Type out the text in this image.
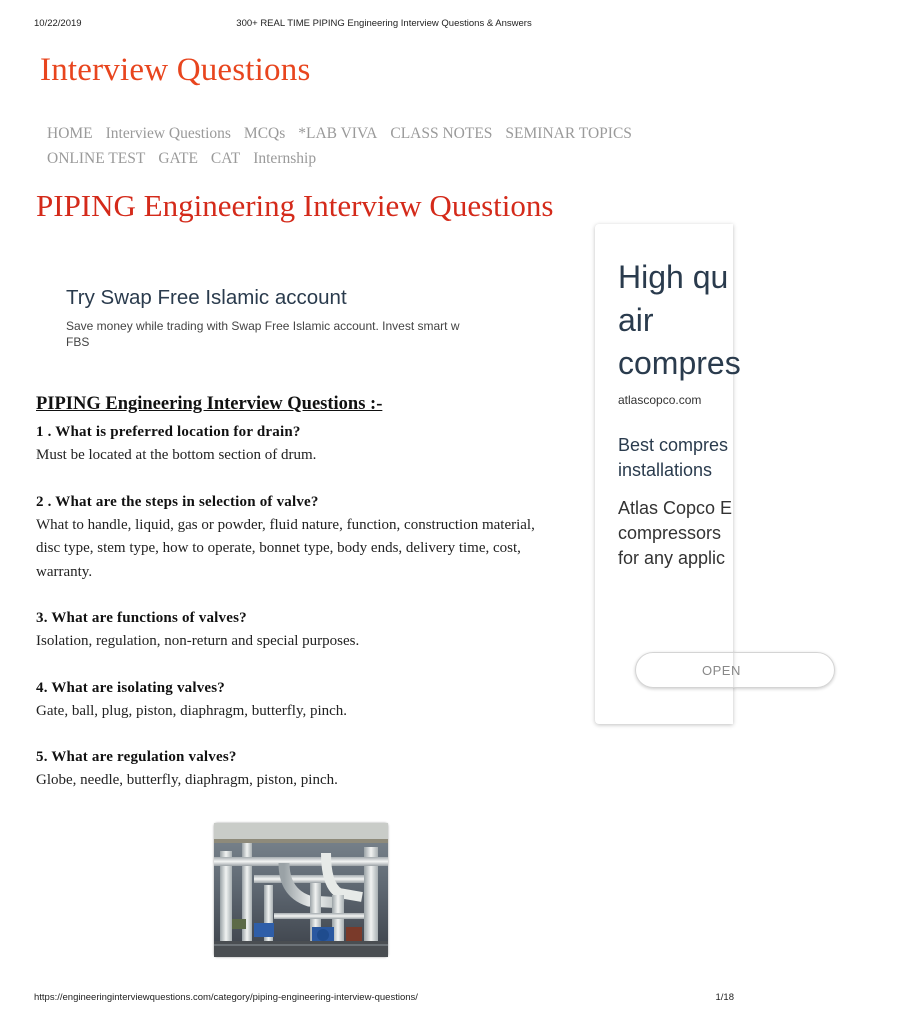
10/22/2019	300+ REAL TIME PIPING Engineering Interview Questions & Answers
Interview Questions
HOME Interview Questions MCQs *LAB VIVA CLASS NOTES SEMINAR TOPICS
ONLINE TEST GATE CAT Internship
PIPING Engineering Interview Questions
Try Swap Free Islamic account
Save money while trading with Swap Free Islamic account. Invest smart w
FBS
PIPING Engineering Interview Questions :-
1 . What is preferred location for drain?
Must be located at the bottom section of drum.
2 . What are the steps in selection of valve?
What to handle, liquid, gas or powder, fluid nature, function, construction material, disc type, stem type, how to operate, bonnet type, body ends, delivery time, cost, warranty.
3. What are functions of valves?
Isolation, regulation, non-return and special purposes.
4. What are isolating valves?
Gate, ball, plug, piston, diaphragm, butterfly, pinch.
5. What are regulation valves?
Globe, needle, butterfly, diaphragm, piston, pinch.
High qu
air
compres
atlascopco.com
Best compres
installations
Atlas Copco E
compressors
for any applic
OPEN
https://engineeringinterviewquestions.com/category/piping-engineering-interview-questions/	1/18
